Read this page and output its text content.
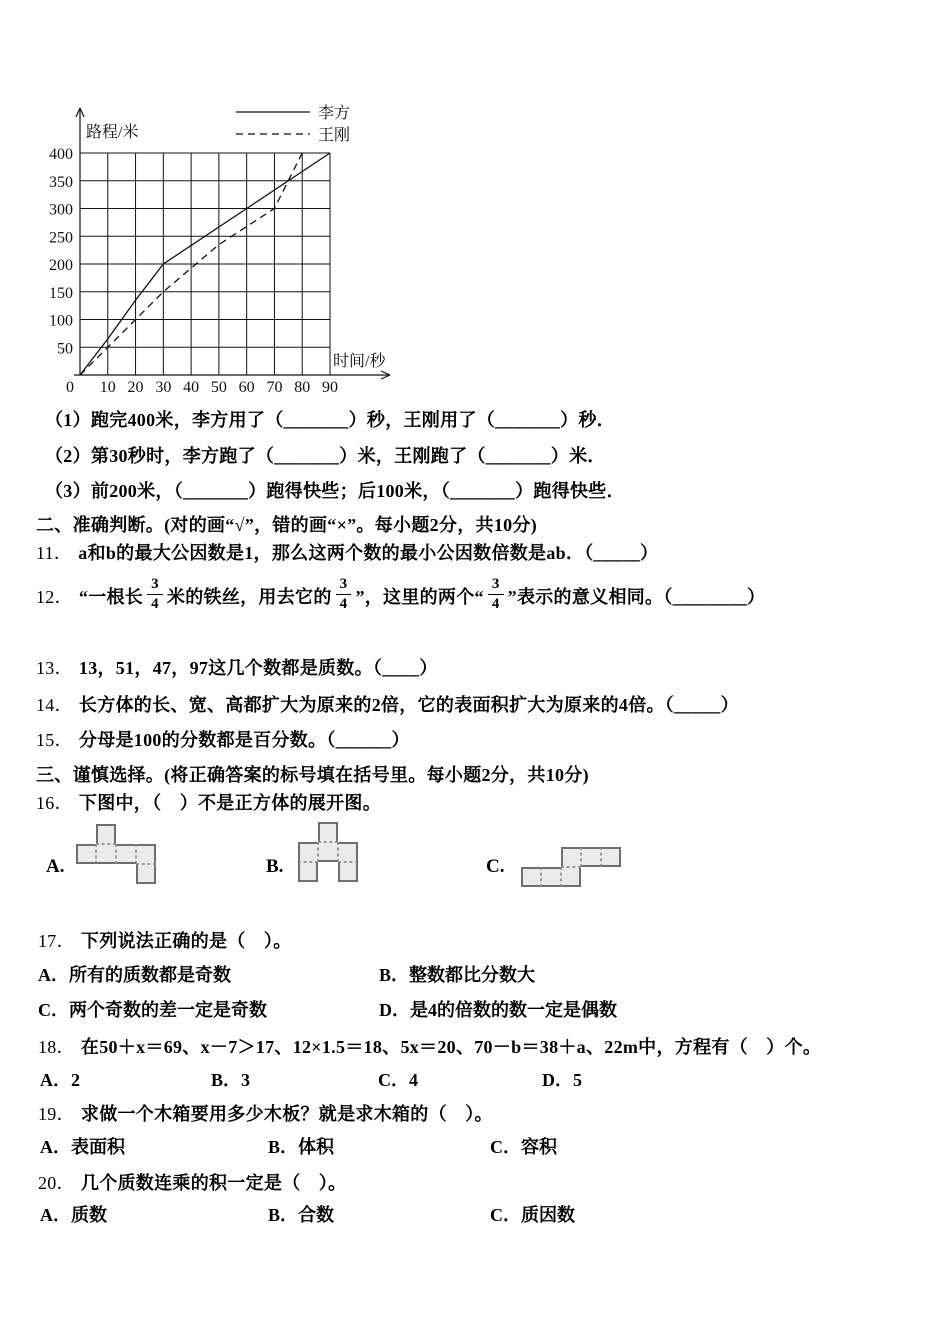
0 10 20 30 40 50 60 70 80 90
50
100
150
200
250
300
350
400
路程/米
时间/秒
李方
王刚
（1）跑完400米，李方用了（_______）秒，王刚用了（_______）秒．
（2）第30秒时，李方跑了（_______）米，王刚跑了（_______）米．
（3）前200米，（_______）跑得快些；后100米，（_______）跑得快些．
二、准确判断。(对的画“√”，错的画“×”。每小题2分，共10分)
11． a和b的最大公因数是1，那么这两个数的最小公因数倍数是ab．（_____）
12． “一根长 $\frac{3}{4}$ 米的铁丝，用去它的 $\frac{3}{4}$ ”，这里的两个“ $\frac{3}{4}$ ”表示的意义相同。（________）
13． 13，51，47，97这几个数都是质数。（____）
14． 长方体的长、宽、高都扩大为原来的2倍，它的表面积扩大为原来的4倍。（_____）
15． 分母是100的分数都是百分数。（______）
三、谨慎选择。(将正确答案的标号填在括号里。每小题2分，共10分)
16． 下图中，（　）不是正方体的展开图。
A.	B.	C.
17． 下列说法正确的是（　）。
A．所有的质数都是奇数	B．整数都比分数大
C．两个奇数的差一定是奇数	D．是4的倍数的数一定是偶数
18． 在50＋x＝69、x－7＞17、12×1.5＝18、5x＝20、70－b＝38＋a、22m中，方程有（　）个。
A．2	B．3	C．4	D．5
19． 求做一个木箱要用多少木板？就是求木箱的（　）。
A．表面积	B．体积	C．容积
20． 几个质数连乘的积一定是（　）。
A．质数	B．合数	C．质因数
